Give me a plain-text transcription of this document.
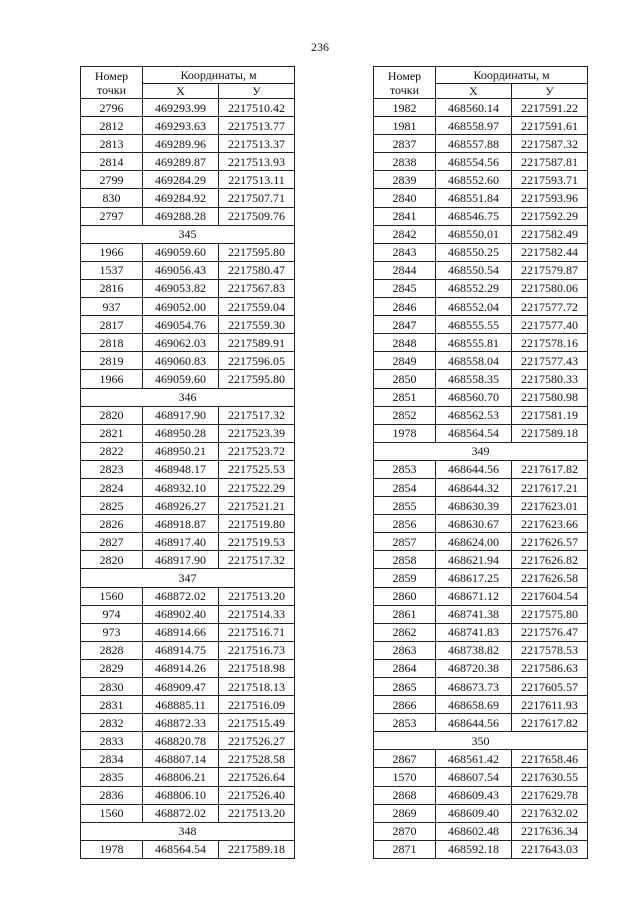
236
Номер точки	Координаты, м	
	X	У
2796	469293.99	2217510.42
2812	469293.63	2217513.77
2813	469289.96	2217513.37
2814	469289.87	2217513.93
2799	469284.29	2217513.11
830	469284.92	2217507.71
2797	469288.28	2217509.76
345		
1966	469059.60	2217595.80
1537	469056.43	2217580.47
2816	469053.82	2217567.83
937	469052.00	2217559.04
2817	469054.76	2217559.30
2818	469062.03	2217589.91
2819	469060.83	2217596.05
1966	469059.60	2217595.80
346		
2820	468917.90	2217517.32
2821	468950.28	2217523.39
2822	468950.21	2217523.72
2823	468948.17	2217525.53
2824	468932.10	2217522.29
2825	468926.27	2217521.21
2826	468918.87	2217519.80
2827	468917.40	2217519.53
2820	468917.90	2217517.32
347		
1560	468872.02	2217513.20
974	468902.40	2217514.33
973	468914.66	2217516.71
2828	468914.75	2217516.73
2829	468914.26	2217518.98
2830	468909.47	2217518.13
2831	468885.11	2217516.09
2832	468872.33	2217515.49
2833	468820.78	2217526.27
2834	468807.14	2217528.58
2835	468806.21	2217526.64
2836	468806.10	2217526.40
1560	468872.02	2217513.20
348		
1978	468564.54	2217589.18
Номер точки	Координаты, м	
	X	У
1982	468560.14	2217591.22
1981	468558.97	2217591.61
2837	468557.88	2217587.32
2838	468554.56	2217587.81
2839	468552.60	2217593.71
2840	468551.84	2217593.96
2841	468546.75	2217592.29
2842	468550.01	2217582.49
2843	468550.25	2217582.44
2844	468550.54	2217579.87
2845	468552.29	2217580.06
2846	468552.04	2217577.72
2847	468555.55	2217577.40
2848	468555.81	2217578.16
2849	468558.04	2217577.43
2850	468558.35	2217580.33
2851	468560.70	2217580.98
2852	468562.53	2217581.19
1978	468564.54	2217589.18
349		
2853	468644.56	2217617.82
2854	468644.32	2217617.21
2855	468630.39	2217623.01
2856	468630.67	2217623.66
2857	468624.00	2217626.57
2858	468621.94	2217626.82
2859	468617.25	2217626.58
2860	468671.12	2217604.54
2861	468741.38	2217575.80
2862	468741.83	2217576.47
2863	468738.82	2217578.53
2864	468720.38	2217586.63
2865	468673.73	2217605.57
2866	468658.69	2217611.93
2853	468644.56	2217617.82
350		
2867	468561.42	2217658.46
1570	468607.54	2217630.55
2868	468609.43	2217629.78
2869	468609.40	2217632.02
2870	468602.48	2217636.34
2871	468592.18	2217643.03
